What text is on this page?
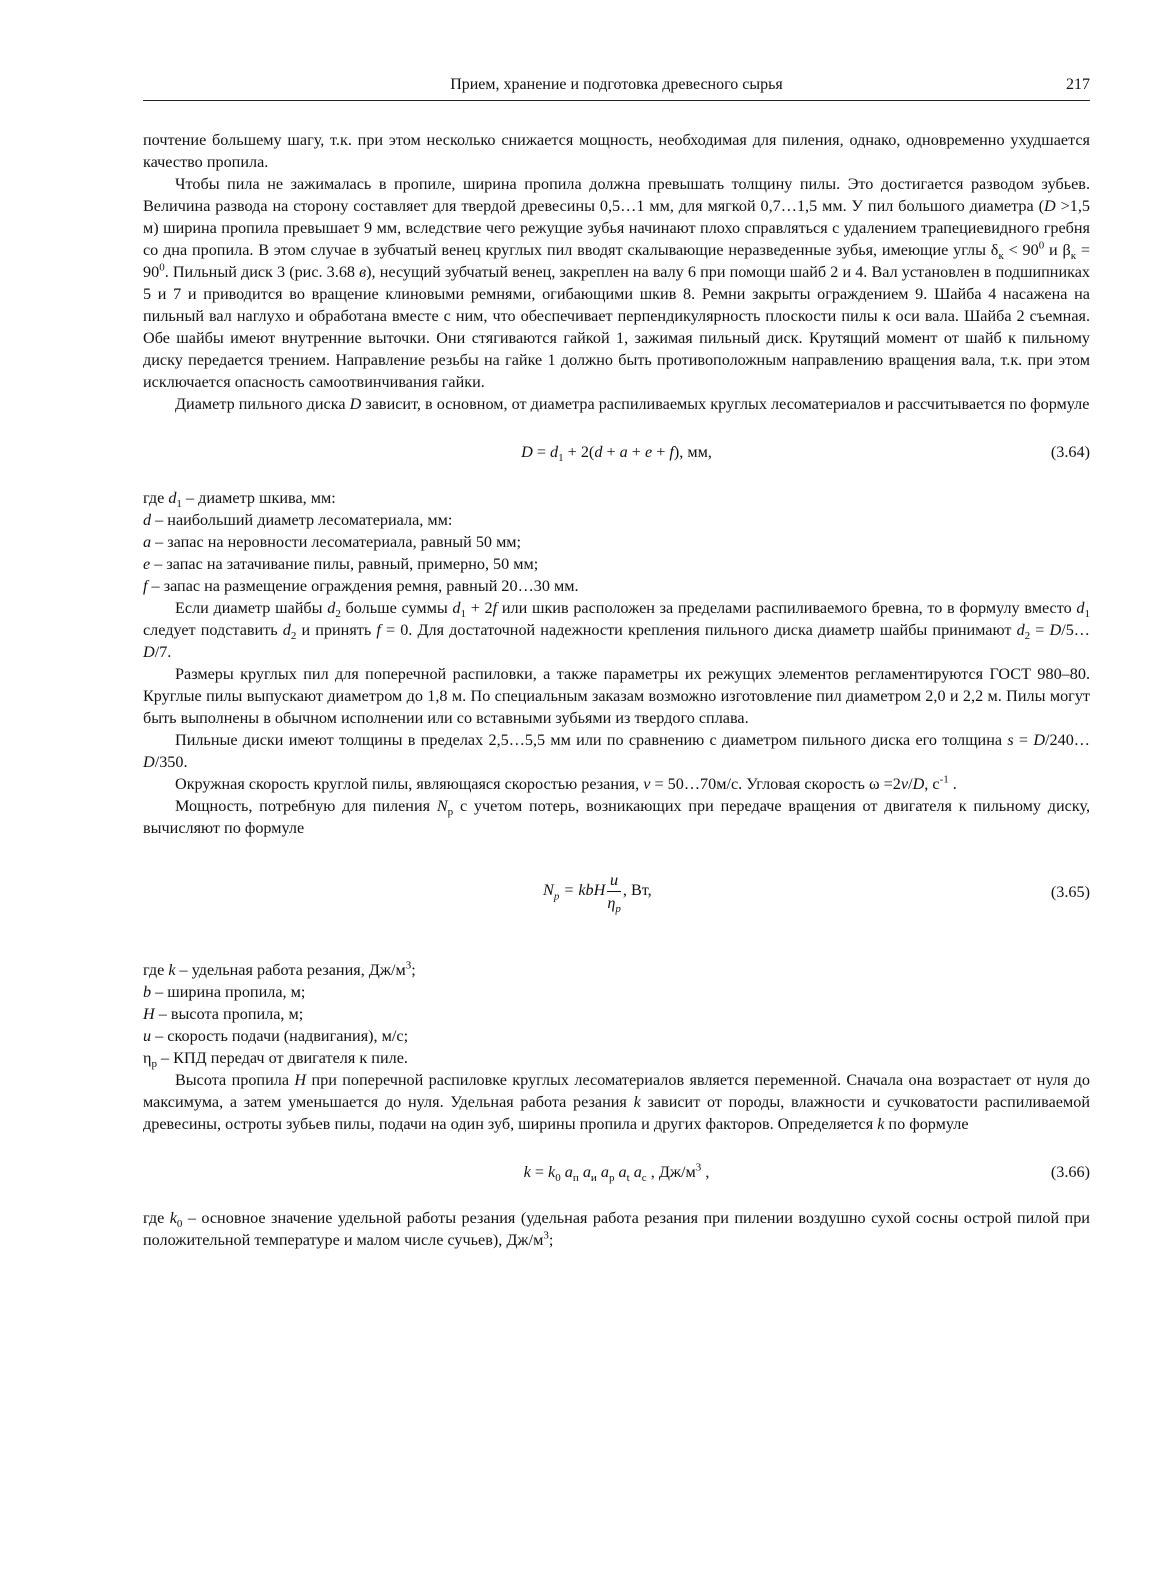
Прием, хранение и подготовка древесного сырья	217

почтение большему шагу, т.к. при этом несколько снижается мощность, необходимая для пиления, однако, одновременно ухудшается качество пропила.

Чтобы пила не зажималась в пропиле, ширина пропила должна превышать толщину пилы. Это достигается разводом зубьев. Величина развода на сторону составляет для твердой древесины 0,5…1 мм, для мягкой 0,7…1,5 мм. У пил большого диаметра (D >1,5 м) ширина пропила превышает 9 мм, вследствие чего режущие зубья начинают плохо справляться с удалением трапециевидного гребня со дна пропила. В этом случае в зубчатый венец круглых пил вводят скалывающие неразведенные зубья, имеющие углы $\delta_к < 90^0$ и $\beta_к = 90^0$. Пильный диск 3 (рис. 3.68 в), несущий зубчатый венец, закреплен на валу 6 при помощи шайб 2 и 4. Вал установлен в подшипниках 5 и 7 и приводится во вращение клиновыми ремнями, огибающими шкив 8. Ремни закрыты ограждением 9. Шайба 4 насажена на пильный вал наглухо и обработана вместе с ним, что обеспечивает перпендикулярность плоскости пилы к оси вала. Шайба 2 съемная. Обе шайбы имеют внутренние выточки. Они стягиваются гайкой 1, зажимая пильный диск. Крутящий момент от шайб к пильному диску передается трением. Направление резьбы на гайке 1 должно быть противоположным направлению вращения вала, т.к. при этом исключается опасность самоотвинчивания гайки.

Диаметр пильного диска D зависит, в основном, от диаметра распиливаемых круглых лесоматериалов и рассчитывается по формуле

$D = d_1 + 2(d + a + e + f)$, мм,	(3.64)

где $d_1$ – диаметр шкива, мм:

d – наибольший диаметр лесоматериала, мм:

a – запас на неровности лесоматериала, равный 50 мм;

e – запас на затачивание пилы, равный, примерно, 50 мм;

f – запас на размещение ограждения ремня, равный 20…30 мм.

Если диаметр шайбы $d_2$ больше суммы $d_1 + 2f$ или шкив расположен за пределами распиливаемого бревна, то в формулу вместо $d_1$ следует подставить $d_2$ и принять f = 0. Для достаточной надежности крепления пильного диска диаметр шайбы принимают $d_2$ = D/5…D/7.

Размеры круглых пил для поперечной распиловки, а также параметры их режущих элементов регламентируются ГОСТ 980–80. Круглые пилы выпускают диаметром до 1,8 м. По специальным заказам возможно изготовление пил диаметром 2,0 и 2,2 м. Пилы могут быть выполнены в обычном исполнении или со вставными зубьями из твердого сплава.

Пильные диски имеют толщины в пределах 2,5…5,5 мм или по сравнению с диаметром пильного диска его толщина s = D/240…D/350.

Окружная скорость круглой пилы, являющаяся скоростью резания, v = 50…70м/с. Угловая скорость ω =2v/D, $с^{-1}$ .

Мощность, потребную для пиления $N_p$ с учетом потерь, возникающих при передаче вращения от двигателя к пильному диску, вычисляют по формуле

$N_p$ = kbH $\frac{u}{\eta_p}$ , Вт,	(3.65)

где k – удельная работа резания, $Дж/м^3$;

b – ширина пропила, м;

H – высота пропила, м;

u – скорость подачи (надвигания), м/с;

$\eta_p$ – КПД передач от двигателя к пиле.

Высота пропила H при поперечной распиловке круглых лесоматериалов является переменной. Сначала она возрастает от нуля до максимума, а затем уменьшается до нуля. Удельная работа резания k зависит от породы, влажности и сучковатости распиливаемой древесины, остроты зубьев пилы, подачи на один зуб, ширины пропила и других факторов. Определяется k по формуле

$k = k_0$ $a_п$ $a_и$ $a_р$ $a_t$ $a_с$ , $Дж/м^3$ ,	(3.66)

где $k_0$ – основное значение удельной работы резания (удельная работа резания при пилении воздушно сухой сосны острой пилой при положительной температуре и малом числе сучьев), $Дж/м^3$;
